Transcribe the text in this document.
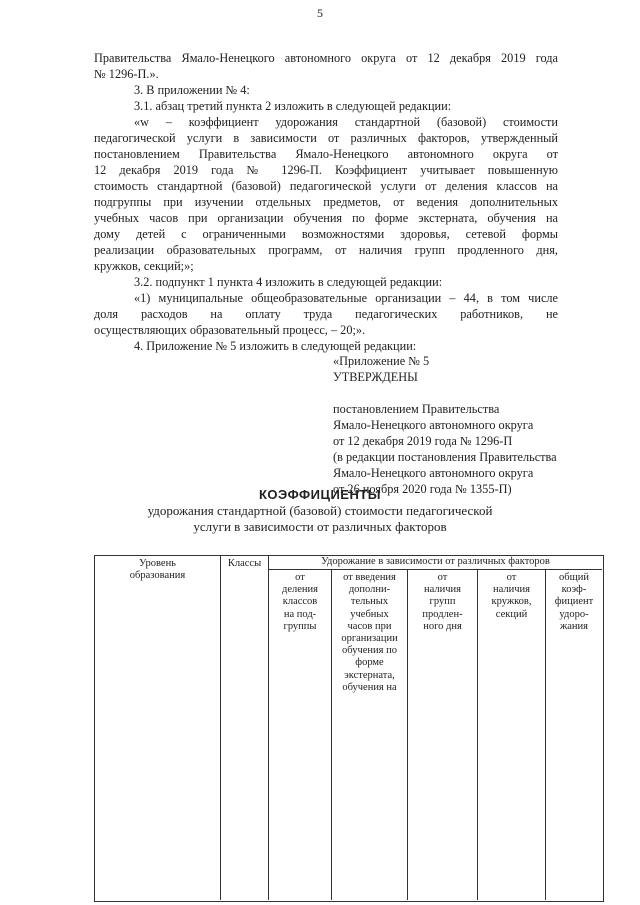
5
Правительства Ямало-Ненецкого автономного округа от 12 декабря 2019 года
№ 1296-П.».
3. В приложении № 4:
3.1. абзац третий пункта 2 изложить в следующей редакции:
«w – коэффициент удорожания стандартной (базовой) стоимости
педагогической услуги в зависимости от различных факторов, утвержденный
постановлением Правительства Ямало-Ненецкого автономного округа от
12 декабря 2019 года № 1296-П. Коэффициент учитывает повышенную
стоимость стандартной (базовой) педагогической услуги от деления классов на
подгруппы при изучении отдельных предметов, от ведения дополнительных
учебных часов при организации обучения по форме экстерната, обучения на
дому детей с ограниченными возможностями здоровья, сетевой формы
реализации образовательных программ, от наличия групп продленного дня,
кружков, секций;»;
3.2. подпункт 1 пункта 4 изложить в следующей редакции:
«1) муниципальные общеобразовательные организации – 44, в том числе
доля расходов на оплату труда педагогических работников, не
осуществляющих образовательный процесс, – 20;».
4. Приложение № 5 изложить в следующей редакции:
«Приложение № 5
УТВЕРЖДЕНЫ
постановлением Правительства
Ямало-Ненецкого автономного округа
от 12 декабря 2019 года № 1296-П
(в редакции постановления Правительства
Ямало-Ненецкого автономного округа
от 26 ноября 2020 года № 1355-П)
КОЭФФИЦИЕНТЫ
удорожания стандартной (базовой) стоимости педагогической
услуги в зависимости от различных факторов
Уровень
образования
Классы	Удорожание в зависимости от различных факторов
от
деления
классов
на под-
группы
от введения
дополни-
тельных
учебных
часов при
организации
обучения по
форме
экстерната,
обучения на
от
наличия
групп
продлен-
ного дня
от
наличия
кружков,
секций
общий
коэф-
фициент
удоро-
жания
